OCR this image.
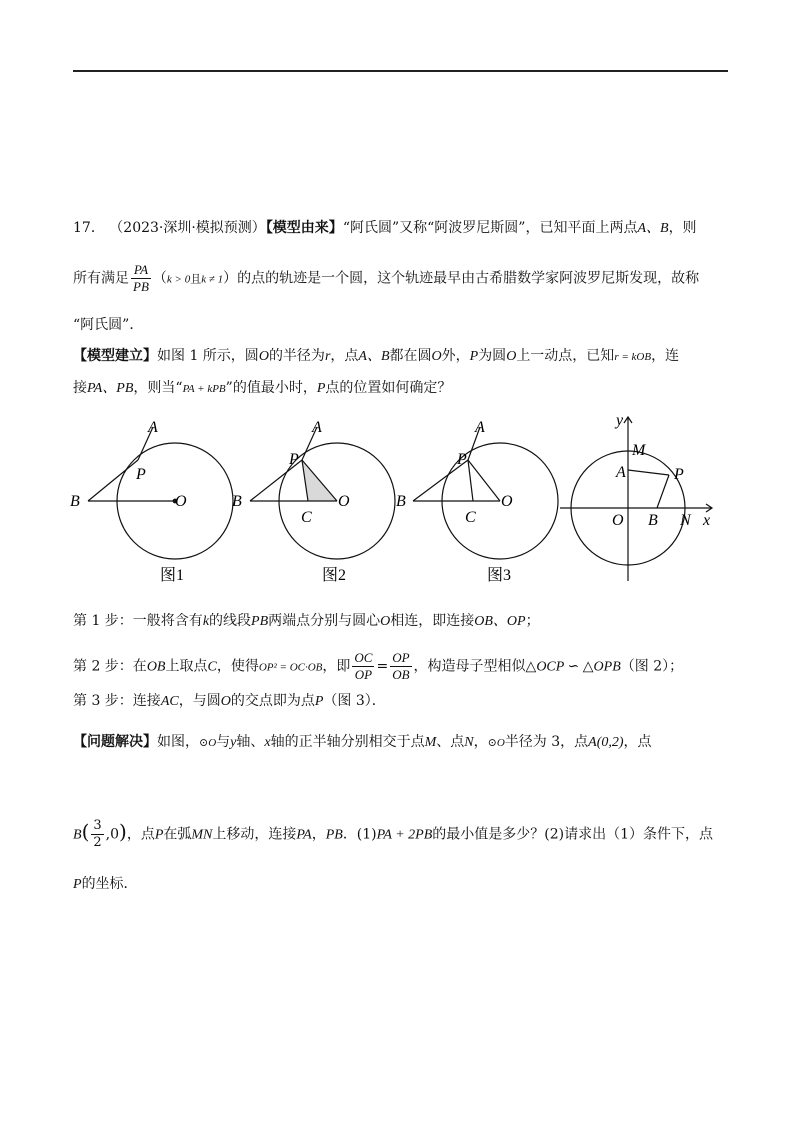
17． （2023·深圳·模拟预测）【模型由来】“阿氏圆”又称“阿波罗尼斯圆”，已知平面上两点A、B，则
所有满足 $\frac{PA}{PB} (k > 0$且k ≠ 1）的点的轨迹是一个圆，这个轨迹最早由古希腊数学家阿波罗尼斯发现，故称
“阿氏圆”．
【模型建立】如图 1 所示，圆O的半径为r，点A、B都在圆O外，P为圆O上一动点，已知r = kOB，连
接PA、PB，则当“PA + kPB”的值最小时，P点的位置如何确定？
A
P
B	O
图1
A
P
B
C
O
图2
A
P
B
C
O
图3
y
M
A	P
O B N x
第 1 步：一般将含有k的线段PB两端点分别与圆心O相连，即连接OB、OP；
第 2 步：在OB上取点C，使得OP² = OC·OB，即 $\frac{OC}{OP} = \frac{OP}{OB}$ ，构造母子型相似△OCP ∽ △OPB（图 2）；
第 3 步：连接AC，与圆O的交点即为点P（图 3）．
【问题解决】如图，⊙O与y轴、x轴的正半轴分别相交于点M、点N，⊙O半径为 3，点A(0,2)，点
$B( \frac{3}{2} ,0)$，点P在弧MN上移动，连接PA，PB．(1)PA + 2PB的最小值是多少？(2)请求出（1）条件下，点
P的坐标．
